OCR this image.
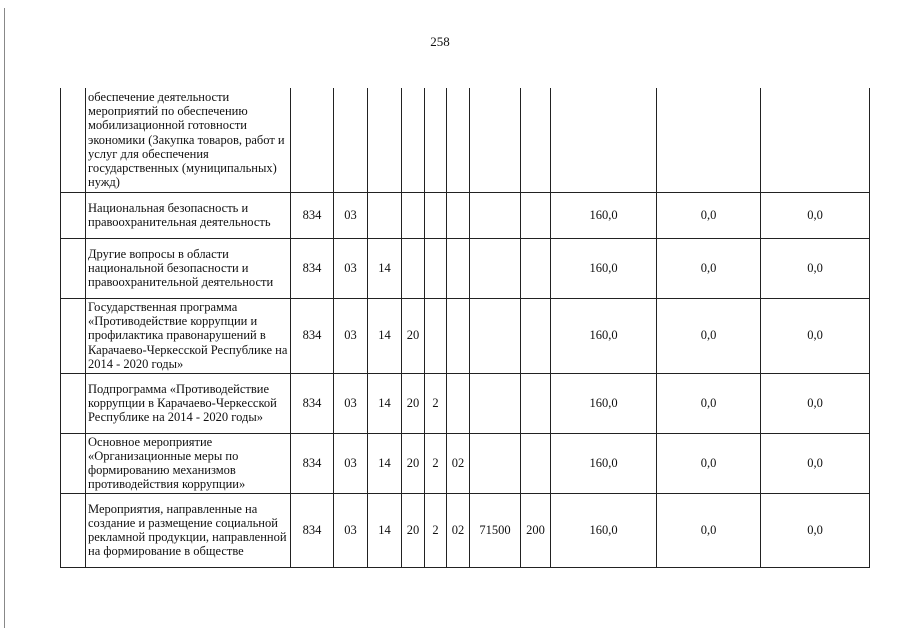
258
	обеспечение деятельности мероприятий по обеспечению мобилизационной готовности экономики (Закупка товаров, работ и услуг для обеспечения государственных (муниципальных) нужд)											
	Национальная безопасность и правоохранительная деятельность	834	03							160,0	0,0	0,0
	Другие вопросы в области национальной безопасности и правоохранительной деятельности	834	03	14						160,0	0,0	0,0
	Государственная программа «Противодействие коррупции и профилактика правонарушений в Карачаево-Черкесской Республике на 2014 - 2020 годы»	834	03	14	20					160,0	0,0	0,0
	Подпрограмма «Противодействие коррупции в Карачаево-Черкесской Республике на 2014 - 2020 годы»	834	03	14	20	2				160,0	0,0	0,0
	Основное мероприятие «Организационные меры по формированию механизмов противодействия коррупции»	834	03	14	20	2	02			160,0	0,0	0,0
	Мероприятия, направленные на создание и размещение социальной рекламной продукции, направленной на формирование в обществе	834	03	14	20	2	02	71500	200	160,0	0,0	0,0
